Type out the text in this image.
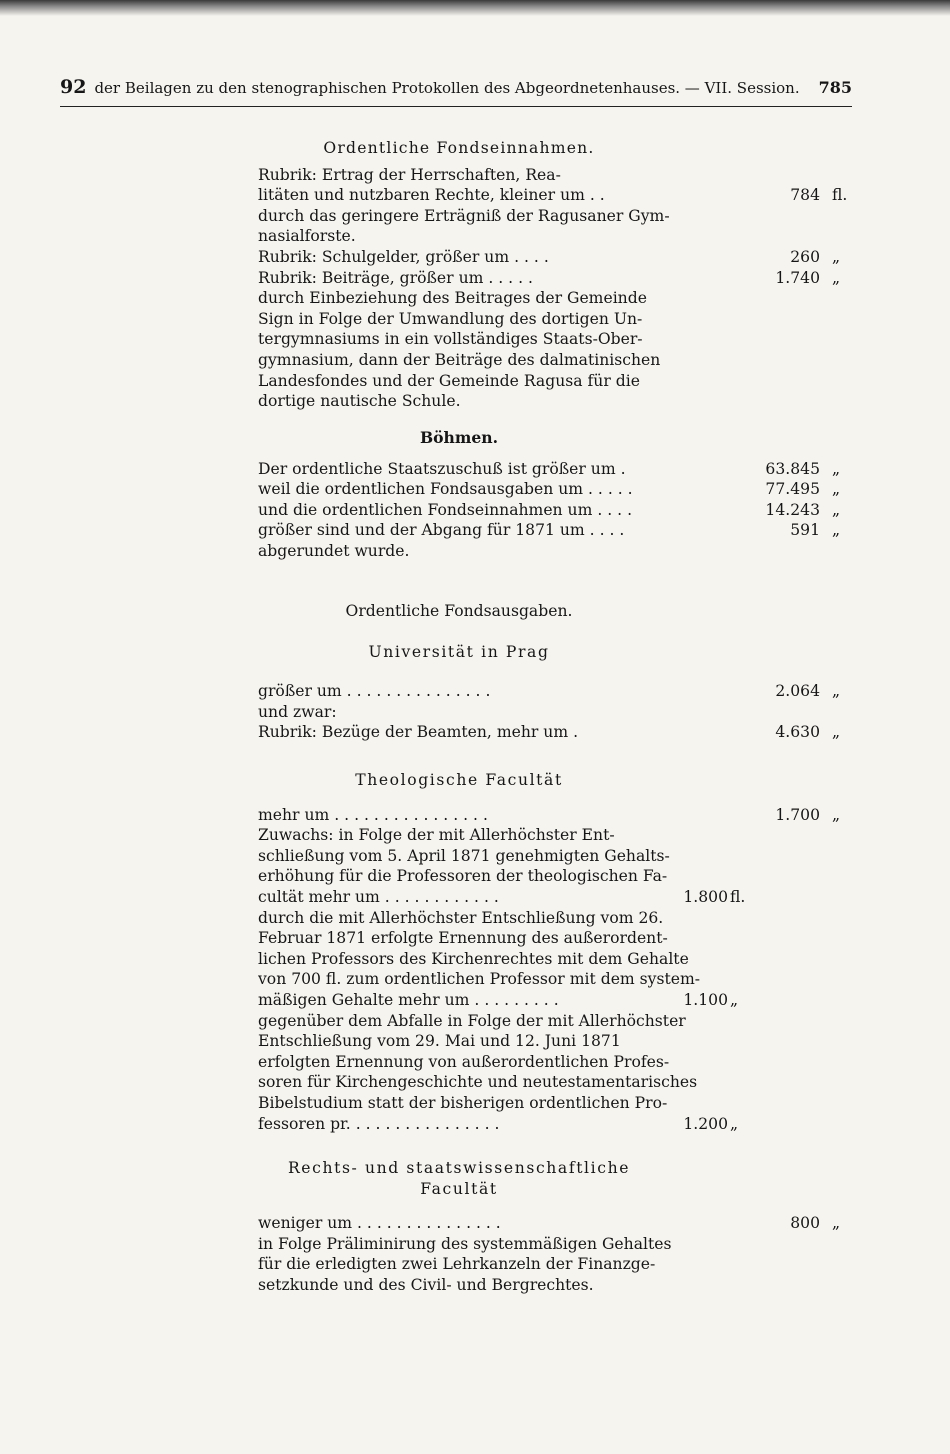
92 der Beilagen zu den stenographischen Protokollen des Abgeordnetenhauses. — VII. Session.	785
Ordentliche Fondseinnahmen.
Rubrik: Ertrag der Herrschaften, Rea-
litäten und nutzbaren Rechte, kleiner um . .	784 fl.
durch das geringere Erträgniß der Ragusaner Gym-
nasialforste.
Rubrik: Schulgelder, größer um . . . .	260 „
Rubrik: Beiträge, größer um . . . . .	1.740 „
durch Einbeziehung des Beitrages der Gemeinde
Sign in Folge der Umwandlung des dortigen Un-
tergymnasiums in ein vollständiges Staats-Ober-
gymnasium, dann der Beiträge des dalmatinischen
Landesfondes und der Gemeinde Ragusa für die
dortige nautische Schule.
Böhmen.
Der ordentliche Staatszuschuß ist größer um .	63.845 „
weil die ordentlichen Fondsausgaben um . . . . .	77.495 „
und die ordentlichen Fondseinnahmen um . . . .	14.243 „
größer sind und der Abgang für 1871 um . . . .	591 „
abgerundet wurde.
Ordentliche Fondsausgaben.
Universität in Prag
größer um . . . . . . . . . . . . . . .	2.064 „
und zwar:
Rubrik: Bezüge der Beamten, mehr um .	4.630 „
Theologische Facultät
mehr um . . . . . . . . . . . . . . . .	1.700 „
Zuwachs: in Folge der mit Allerhöchster Ent-
schließung vom 5. April 1871 genehmigten Gehalts-
erhöhung für die Professoren der theologischen Fa-
cultät mehr um . . . . . . . . . . . .	1.800 fl.
durch die mit Allerhöchster Entschließung vom 26.
Februar 1871 erfolgte Ernennung des außerordent-
lichen Professors des Kirchenrechtes mit dem Gehalte
von 700 fl. zum ordentlichen Professor mit dem system-
mäßigen Gehalte mehr um . . . . . . . . .	1.100 „
gegenüber dem Abfalle in Folge der mit Allerhöchster
Entschließung vom 29. Mai und 12. Juni 1871
erfolgten Ernennung von außerordentlichen Profes-
soren für Kirchengeschichte und neutestamentarisches
Bibelstudium statt der bisherigen ordentlichen Pro-
fessoren pr. . . . . . . . . . . . . . . .	1.200 „
Rechts- und staatswissenschaftliche
Facultät
weniger um . . . . . . . . . . . . . . .	800 „
in Folge Präliminirung des systemmäßigen Gehaltes
für die erledigten zwei Lehrkanzeln der Finanzge-
setzkunde und des Civil- und Bergrechtes.
